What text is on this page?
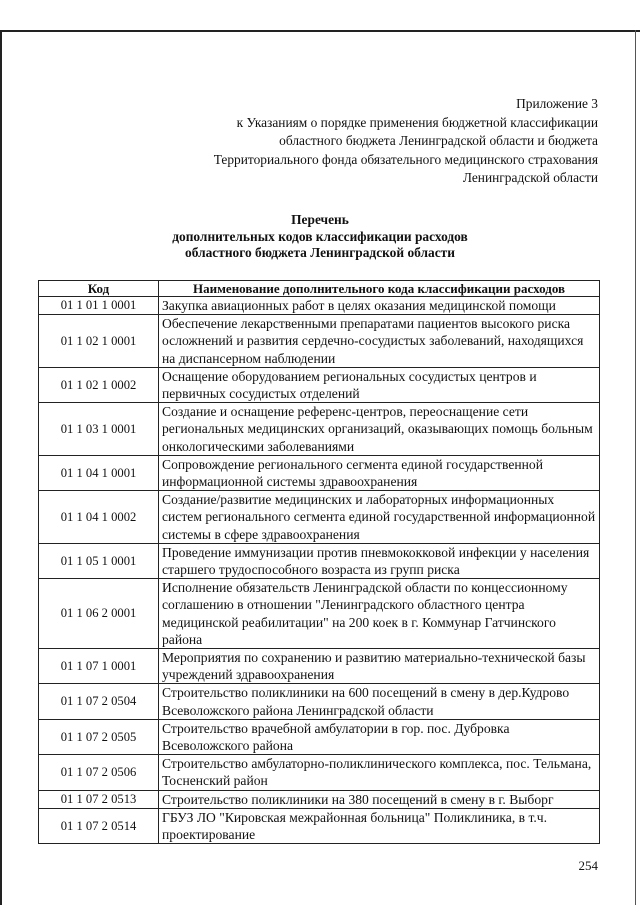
Приложение 3
к Указаниям о порядке применения бюджетной классификации
областного бюджета Ленинградской области и бюджета
Территориального фонда обязательного медицинского страхования
Ленинградской области
Перечень
дополнительных кодов классификации расходов
областного бюджета Ленинградской области
Код	Наименование дополнительного кода классификации расходов
01 1 01 1 0001	Закупка авиационных работ в целях оказания медицинской помощи
01 1 02 1 0001	Обеспечение лекарственными препаратами пациентов высокого риска осложнений и развития сердечно-сосудистых заболеваний, находящихся на диспансерном наблюдении
01 1 02 1 0002	Оснащение оборудованием региональных сосудистых центров и первичных сосудистых отделений
01 1 03 1 0001	Создание и оснащение референс-центров, переоснащение сети региональных медицинских организаций, оказывающих помощь больным онкологическими заболеваниями
01 1 04 1 0001	Сопровождение регионального сегмента единой государственной информационной системы здравоохранения
01 1 04 1 0002	Создание/развитие медицинских и лабораторных информационных систем регионального сегмента единой государственной информационной системы в сфере здравоохранения
01 1 05 1 0001	Проведение иммунизации против пневмококковой инфекции у населения старшего трудоспособного возраста из групп риска
01 1 06 2 0001	Исполнение обязательств Ленинградской области по концессионному соглашению в отношении "Ленинградского областного центра медицинской реабилитации" на 200 коек в г. Коммунар Гатчинского района
01 1 07 1 0001	Мероприятия по сохранению и развитию материально-технической базы учреждений здравоохранения
01 1 07 2 0504	Строительство поликлиники на 600 посещений в смену в дер.Кудрово Всеволожского района Ленинградской области
01 1 07 2 0505	Строительство врачебной амбулатории в гор. пос. Дубровка Всеволожского района
01 1 07 2 0506	Строительство амбулаторно-поликлинического комплекса, пос. Тельмана, Тосненский район
01 1 07 2 0513	Строительство поликлиники на 380 посещений в смену в г. Выборг
01 1 07 2 0514	ГБУЗ ЛО "Кировская межрайонная больница" Поликлиника, в т.ч. проектирование
254
